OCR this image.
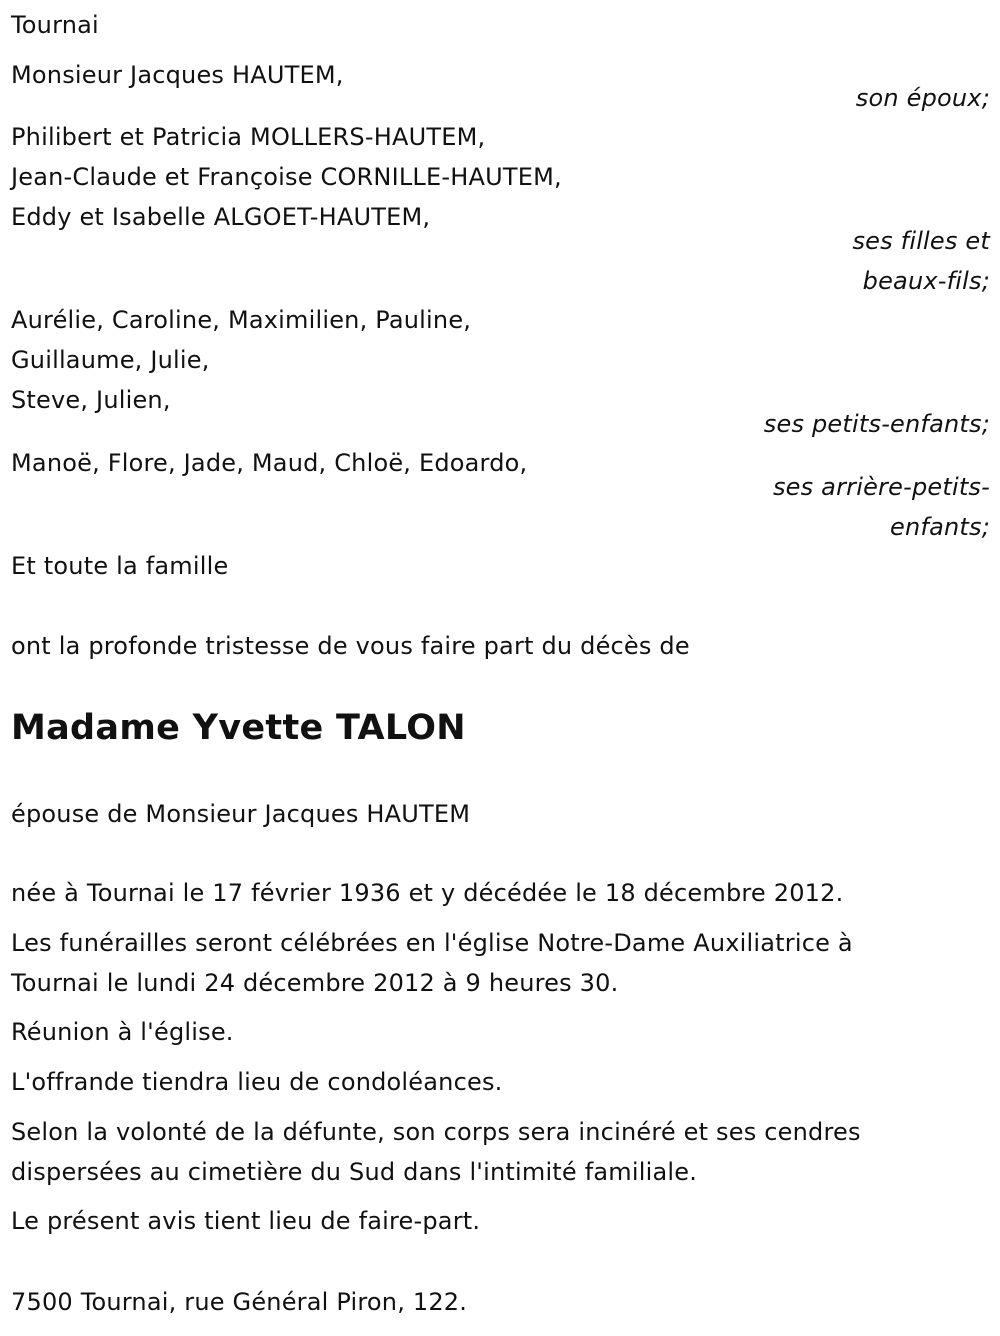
Tournai
Monsieur Jacques HAUTEM,
son époux;
Philibert et Patricia MOLLERS-HAUTEM,
Jean-Claude et Françoise CORNILLE-HAUTEM,
Eddy et Isabelle ALGOET-HAUTEM,
ses filles et
beaux-fils;
Aurélie, Caroline, Maximilien, Pauline,
Guillaume, Julie,
Steve, Julien,
ses petits-enfants;
Manoë, Flore, Jade, Maud, Chloë, Edoardo,
ses arrière-petits-
enfants;
Et toute la famille
ont la profonde tristesse de vous faire part du décès de
Madame Yvette TALON
épouse de Monsieur Jacques HAUTEM
née à Tournai le 17 février 1936 et y décédée le 18 décembre 2012.
Les funérailles seront célébrées en l'église Notre-Dame Auxiliatrice à
Tournai le lundi 24 décembre 2012 à 9 heures 30.
Réunion à l'église.
L'offrande tiendra lieu de condoléances.
Selon la volonté de la défunte, son corps sera incinéré et ses cendres
dispersées au cimetière du Sud dans l'intimité familiale.
Le présent avis tient lieu de faire-part.
7500 Tournai, rue Général Piron, 122.
